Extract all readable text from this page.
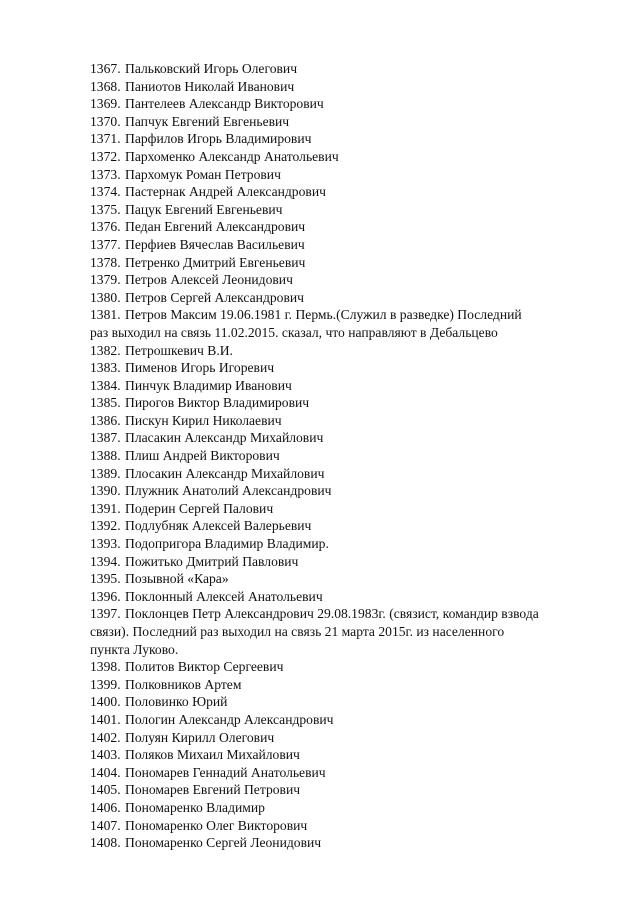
1367. Пальковский Игорь Олегович
1368. Паниотов Николай Иванович
1369. Пантелеев Александр Викторович
1370. Папчук Евгений Евгеньевич
1371. Парфилов Игорь Владимирович
1372. Пархоменко Александр Анатольевич
1373. Пархомук Роман Петрович
1374. Пастернак Андрей Александрович
1375. Пацук Евгений Евгеньевич
1376. Педан Евгений Александрович
1377. Перфиев Вячеслав Васильевич
1378. Петренко Дмитрий Евгеньевич
1379. Петров Алексей Леонидович
1380. Петров Сергей Александрович
1381. Петров Максим 19.06.1981 г. Пермь.(Служил в разведке) Последний
раз выходил на связь 11.02.2015. сказал, что направляют в Дебальцево
1382. Петрошкевич В.И.
1383. Пименов Игорь Игоревич
1384. Пинчук Владимир Иванович
1385. Пирогов Виктор Владимирович
1386. Пискун Кирил Николаевич
1387. Пласакин Александр Михайлович
1388. Плиш Андрей Викторович
1389. Плосакин Александр Михайлович
1390. Плужник Анатолий Александрович
1391. Подерин Сергей Палович
1392. Подлубняк Алексей Валерьевич
1393. Подопригора Владимир Владимир.
1394. Пожитько Дмитрий Павлович
1395. Позывной «Кара»
1396. Поклонный Алексей Анатольевич
1397. Поклонцев Петр Александрович 29.08.1983г. (связист, командир взвода
связи). Последний раз выходил на связь 21 марта 2015г. из населенного
пункта Луково.
1398. Политов Виктор Сергеевич
1399. Полковников Артем
1400. Половинко Юрий
1401. Пологин Александр Александрович
1402. Полуян Кирилл Олегович
1403. Поляков Михаил Михайлович
1404. Пономарев Геннадий Анатольевич
1405. Пономарев Евгений Петрович
1406. Пономаренко Владимир
1407. Пономаренко Олег Викторович
1408. Пономаренко Сергей Леонидович
